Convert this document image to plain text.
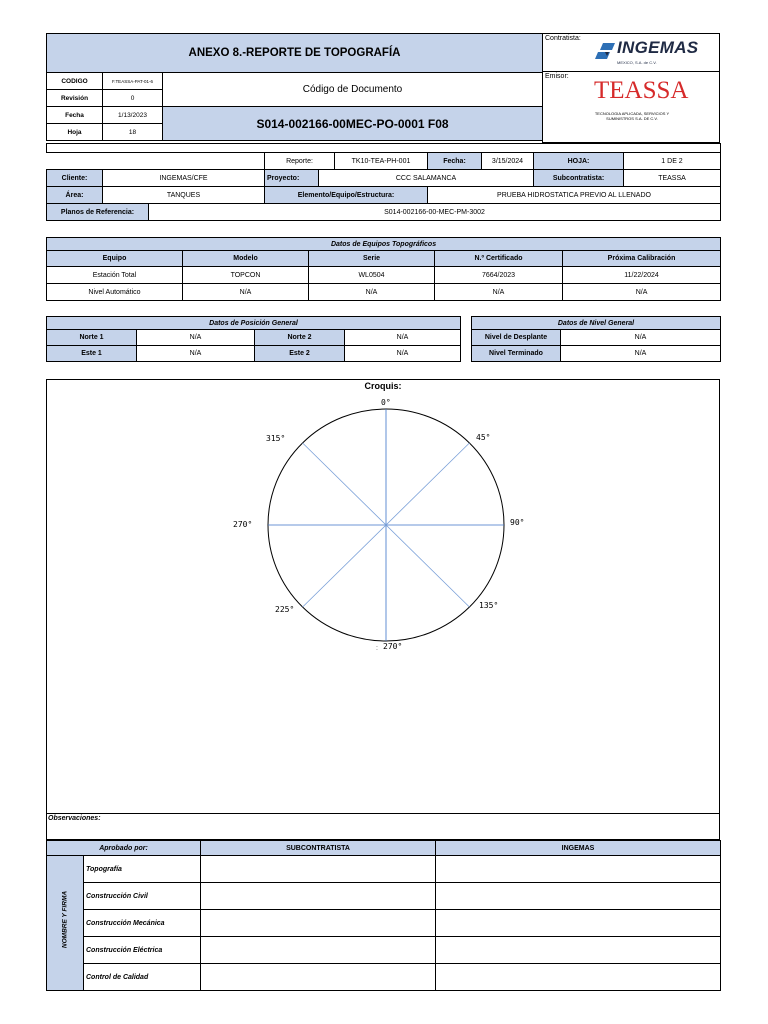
ANEXO 8.-REPORTE DE TOPOGRAFÍA		
CODIGO	F.TEASSA-PAT-01-6	Código de Documento
Revisión	0	
Fecha	1/13/2023	S014-002166-00MEC-PO-0001 F08
Hoja	18	
Contratista: INGEMAS
MEXICO, S.A. de C.V.
Emisor:
TEASSA
TECNOLOGIA APLICADA, SERVICIOS Y
SUMINISTROS S.A. DE C.V.

			Reporte:		TK10-TEA-PH-001	Fecha:	3/15/2024	HOJA:	1 DE 2
Cliente:	INGEMAS/CFE		Proyecto:	CCC SALAMANCA				Subcontratista:	TEASSA
Área:	TANQUES		Elemento/Equipo/Estructura:			PRUEBA HIDROSTATICA PREVIO AL LLENADO			
Planos de Referencia:		S014-002166-00-MEC-PM-3002							
Datos de Equipos Topográficos				
Equipo	Modelo	Serie	N.º Certificado	Próxima Calibración
Estación Total	TOPCON	WL0504	7664/2023	11/22/2024
Nivel Automático	N/A	N/A	N/A	N/A
Datos de Posición General			
Norte 1	N/A	Norte 2	N/A
Este 1	N/A	Este 2	N/A
Datos de Nivel General	
Nivel de Desplante	N/A
Nivel Terminado	N/A
Croquis:
:
0°
45°
90°
135°
270°
225°
270°
315°
Observaciones:
Aprobado por:		SUBCONTRATISTA	INGEMAS

NOMBRE Y FIRMA	Topografía		
	Construcción Civil		
	Construcción Mecánica		
	Construcción Eléctrica		
	Control de Calidad		
